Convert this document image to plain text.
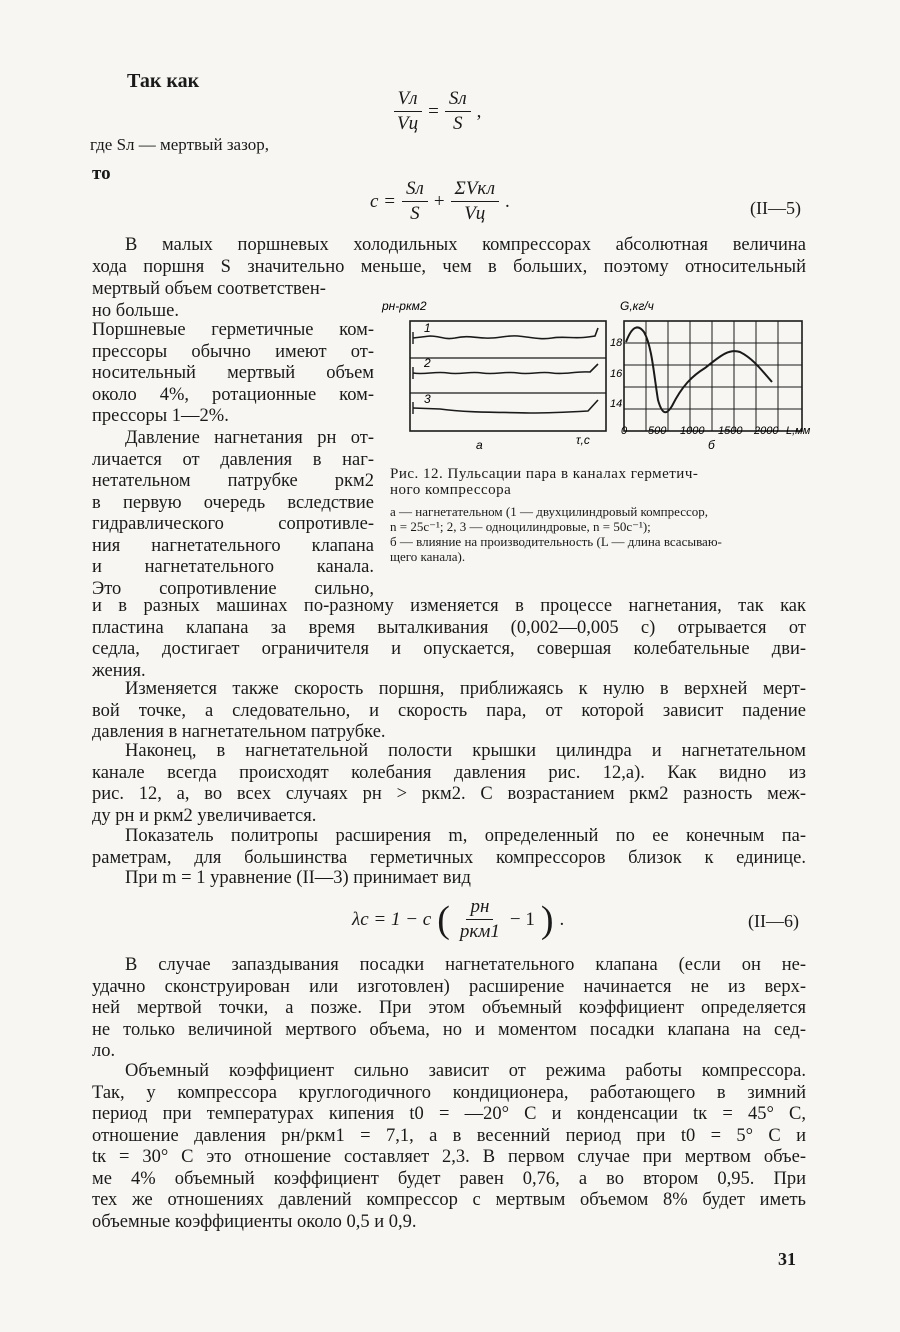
Так как
$\frac{Vл}{Vц} = \frac{Sл}{S}$ ,
где Sл — мертвый зазор,
то
$c = \frac{Sл}{S} + \frac{\text{ΣVкл}}{Vц}$ .	(II—5)
В малых поршневых холодильных компрессорах абсолютная величина
хода поршня S значительно меньше, чем в больших, поэтому относительный
мертвый объем соответствен-
но больше.
Поршневые герметичные ком-
прессоры обычно имеют от-
носительный мертвый объем
около 4%, ротационные ком-
прессоры 1—2%.
Давление нагнетания pн от-
личается от давления в наг-
нетательном патрубке pкм2
в первую очередь вследствие
гидравлического сопротивле-
ния нагнетательного клапана
и нагнетательного канала.
Это сопротивление сильно,
pн-pкм2
1
2
3
а	τ,c
G,кг/ч
18
16
14
0 500 1000 1500 2000 L,мм
б
Рис. 12. Пульсации пара в каналах герметич-
ного компрессора
а — нагнетательном (1 — двухцилиндровый компрессор,
n = 25c⁻¹; 2, 3 — одноцилиндровые, n = 50c⁻¹);
б — влияние на производительность (L — длина всасываю-
щего канала).
и в разных машинах по-разному изменяется в процессе нагнетания, так как
пластина клапана за время выталкивания (0,002—0,005 с) отрывается от
седла, достигает ограничителя и опускается, совершая колебательные дви-
жения.
Изменяется также скорость поршня, приближаясь к нулю в верхней мерт-
вой точке, а следовательно, и скорость пара, от которой зависит падение
давления в нагнетательном патрубке.
Наконец, в нагнетательной полости крышки цилиндра и нагнетательном
канале всегда происходят колебания давления рис. 12,а). Как видно из
рис. 12, а, во всех случаях pн > pкм2. С возрастанием pкм2 разность меж-
ду pн и pкм2 увеличивается.
Показатель политропы расширения m, определенный по ее конечным па-
раметрам, для большинства герметичных компрессоров близок к единице.
При m = 1 уравнение (II—3) принимает вид
λc = 1 − c ( $\frac{pн}{\text{pкм1}} - 1$ ) .	(II—6)
В случае запаздывания посадки нагнетательного клапана (если он не-
удачно сконструирован или изготовлен) расширение начинается не из верх-
ней мертвой точки, а позже. При этом объемный коэффициент определяется
не только величиной мертвого объема, но и моментом посадки клапана на сед-
ло.
Объемный коэффициент сильно зависит от режима работы компрессора.
Так, у компрессора круглогодичного кондиционера, работающего в зимний
период при температурах кипения t0 = —20° С и конденсации tк = 45° С,
отношение давления pн/pкм1 = 7,1, а в весенний период при t0 = 5° С и
tк = 30° С это отношение составляет 2,3. В первом случае при мертвом объе-
ме 4% объемный коэффициент будет равен 0,76, а во втором 0,95. При
тех же отношениях давлений компрессор с мертвым объемом 8% будет иметь
объемные коэффициенты около 0,5 и 0,9.
31
